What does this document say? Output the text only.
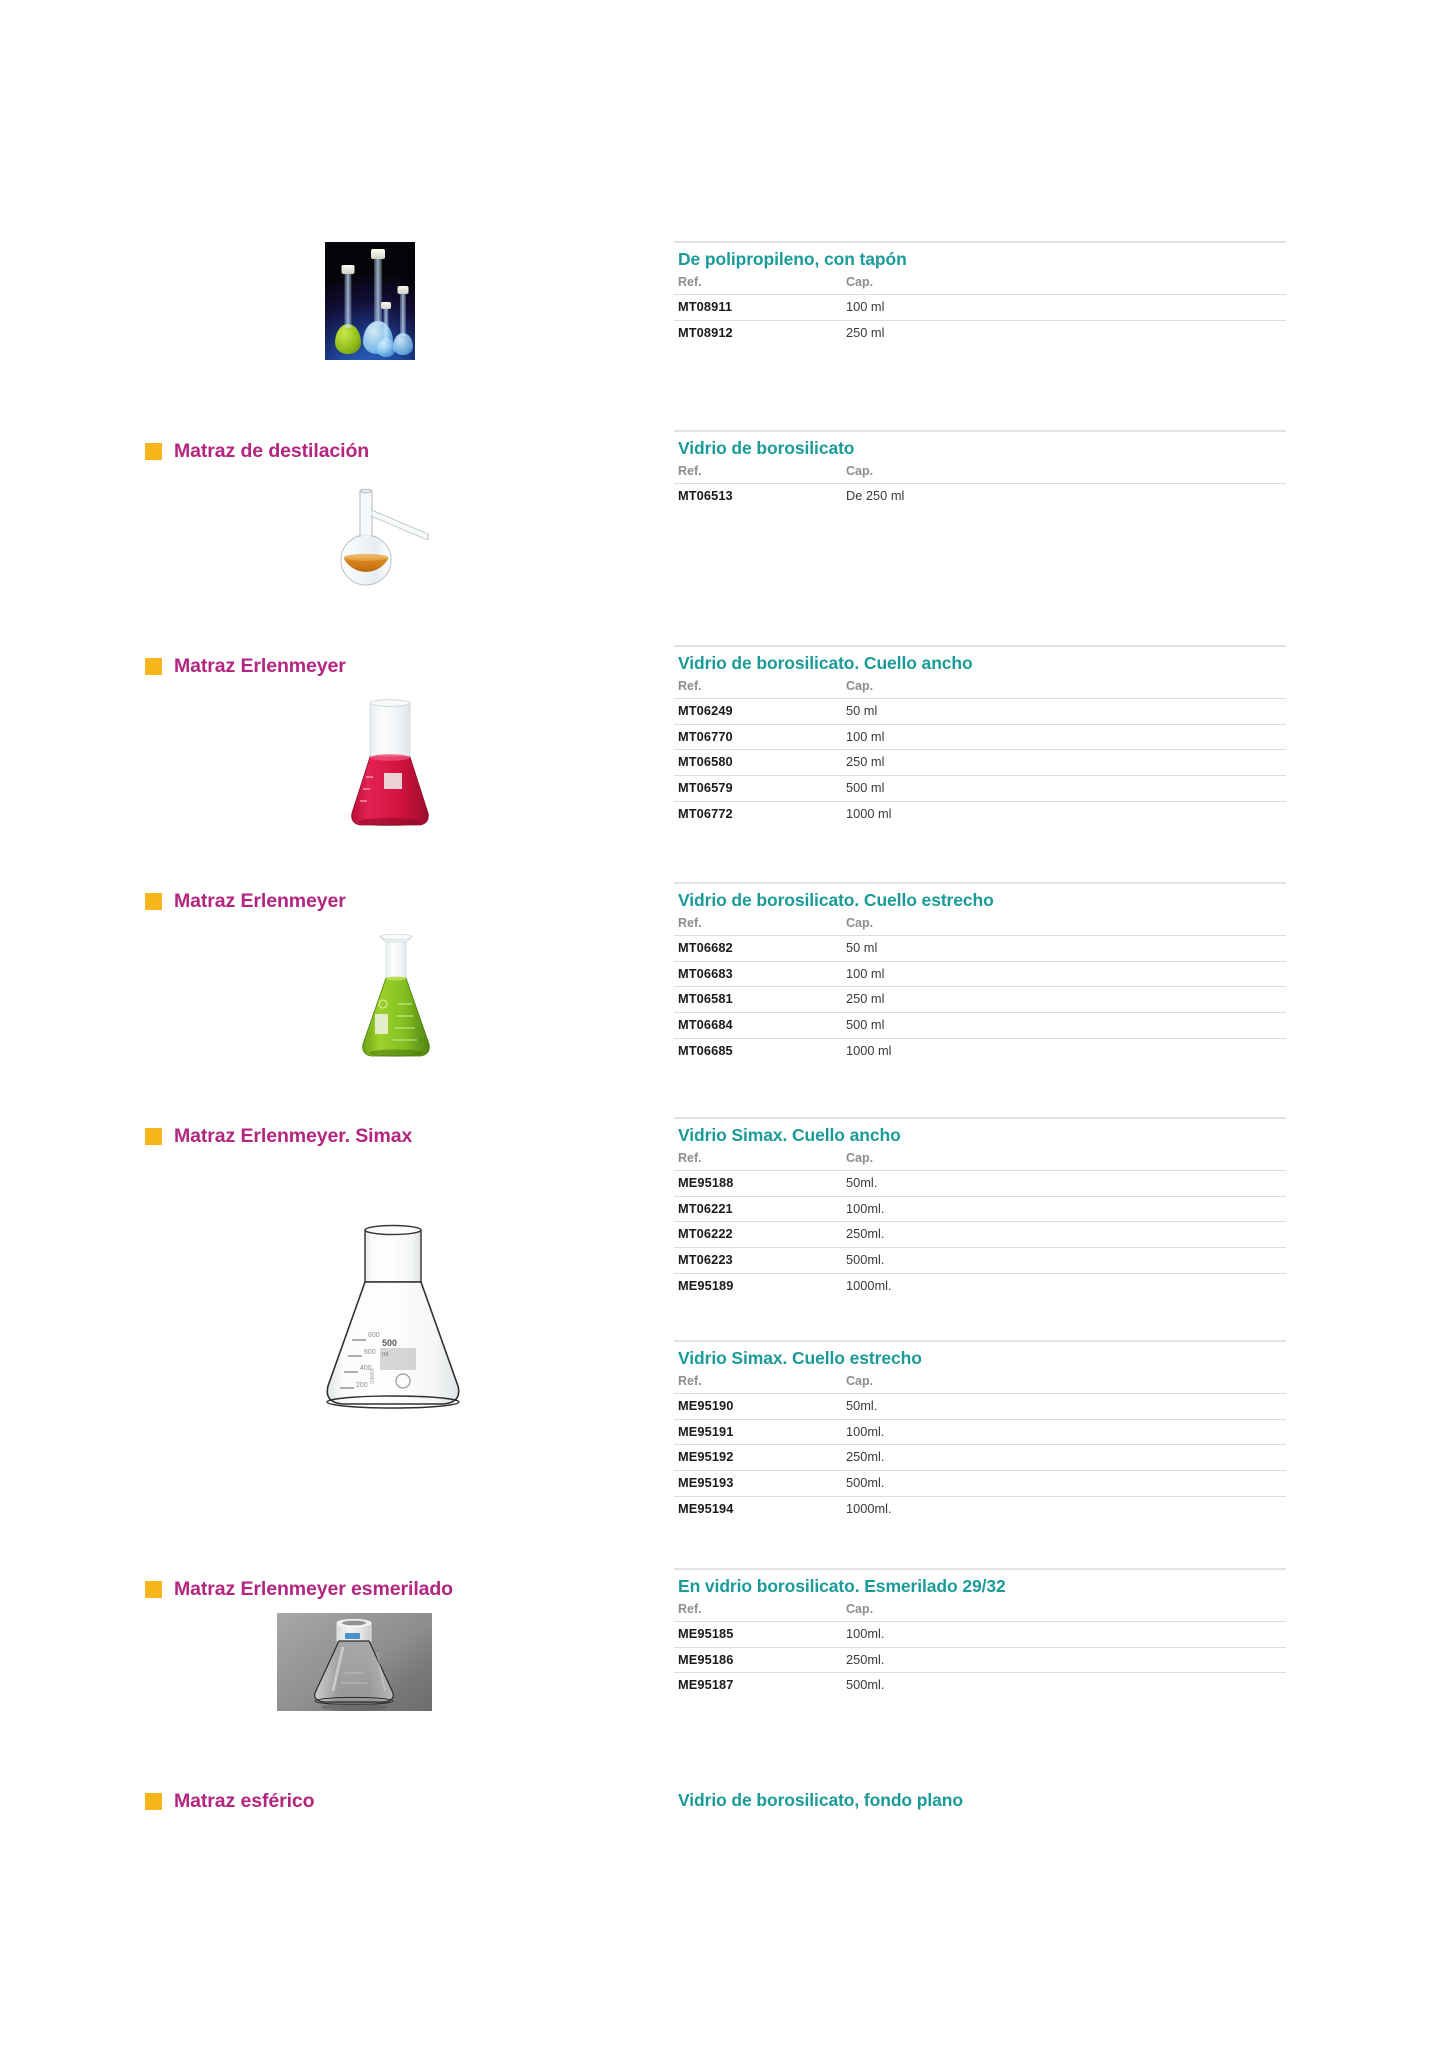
De polipropileno, con tapón
Ref.	Cap.
MT08911	100 ml
MT08912	250 ml
Matraz de destilación	Vidrio de borosilicato
Ref.	Cap.
MT06513	De 250 ml
Matraz Erlenmeyer	Vidrio de borosilicato. Cuello ancho
Ref.	Cap.
MT06249	50 ml
MT06770	100 ml
MT06580	250 ml
MT06579	500 ml
MT06772	1000 ml
Matraz Erlenmeyer	Vidrio de borosilicato. Cuello estrecho
Ref.	Cap.
MT06682	50 ml
MT06683	100 ml
MT06581	250 ml
MT06684	500 ml
MT06685	1000 ml
Matraz Erlenmeyer. Simax
800
600
400
200
500
ml
SIMAX
Vidrio Simax. Cuello ancho
Ref.	Cap.
ME95188	50ml.
MT06221	100ml.
MT06222	250ml.
MT06223	500ml.
ME95189	1000ml.
Vidrio Simax. Cuello estrecho
Ref.	Cap.
ME95190	50ml.
ME95191	100ml.
ME95192	250ml.
ME95193	500ml.
ME95194	1000ml.
Matraz Erlenmeyer esmerilado	En vidrio borosilicato. Esmerilado 29/32
Ref.	Cap.
ME95185	100ml.
ME95186	250ml.
ME95187	500ml.
Matraz esférico	Vidrio de borosilicato, fondo plano
